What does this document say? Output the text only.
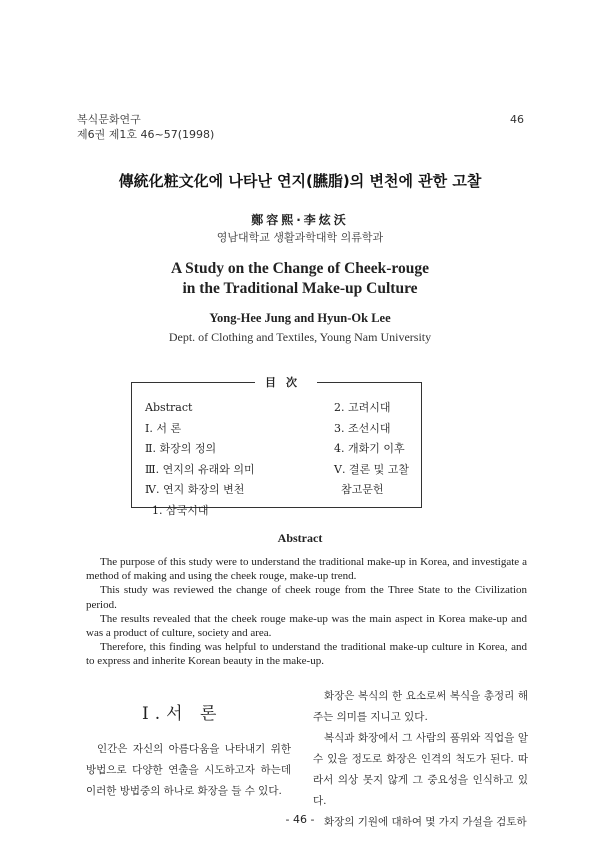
복식문화연구
제6권 제1호 46~57(1998)
46
傳統化粧文化에 나타난 연지(臙脂)의 변천에 관한 고찰
鄭容熙·李炫沃
영남대학교 생활과학대학 의류학과
A Study on the Change of Cheek-rouge
in the Traditional Make-up Culture
Yong-Hee Jung and Hyun-Ok Lee
Dept. of Clothing and Textiles, Young Nam University
目次
Abstract
Ⅰ. 서 론
Ⅱ. 화장의 정의
Ⅲ. 연지의 유래와 의미
Ⅳ. 연지 화장의 변천
1. 삼국시대
2. 고려시대
3. 조선시대
4. 개화기 이후
Ⅴ. 결론 및 고찰
참고문헌
Abstract

The purpose of this study were to understand the traditional make-up in Korea, and investigate a method of making and using the cheek rouge, make-up trend.

This study was reviewed the change of cheek rouge from the Three State to the Civilization period.

The results revealed that the cheek rouge make-up was the main aspect in Korea make-up and was a product of culture, society and area.

Therefore, this finding was helpful to understand the traditional make-up culture in Korea, and to express and inherite Korean beauty in the make-up.

Ⅰ.서 론

인간은 자신의 아름다움을 나타내기 위한 방법으로 다양한 연출을 시도하고자 하는데 이러한 방법중의 하나로 화장을 들 수 있다.

화장은 복식의 한 요소로써 복식을 총정리 해주는 의미를 지니고 있다.

복식과 화장에서 그 사람의 품위와 직업을 알 수 있을 정도로 화장은 인격의 척도가 된다. 따라서 의상 못지 않게 그 중요성을 인식하고 있다.

화장의 기원에 대하여 몇 가지 가설을 검토하

- 46 -
